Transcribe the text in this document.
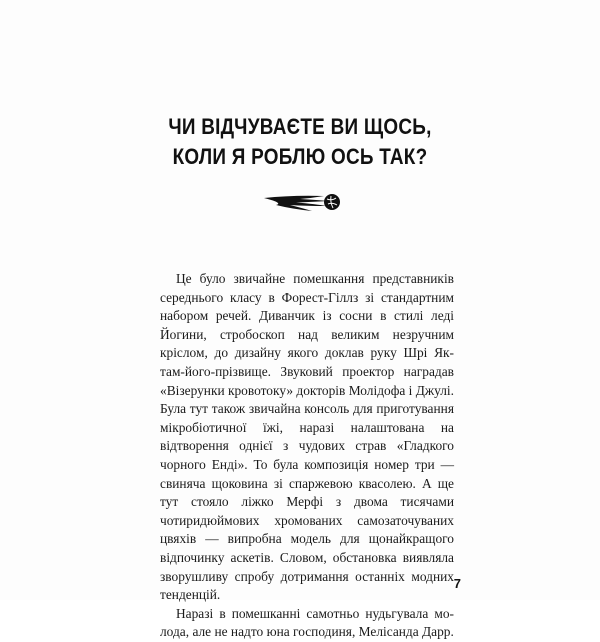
ЧИ ВІДЧУВАЄТЕ ВИ ЩОСЬ,
КОЛИ Я РОБЛЮ ОСЬ ТАК?

Це було звичайне помешкання представників середнього класу в Форест-Гіллз зі стандартним набором речей. Диванчик із сосни в стилі леді Йогини, стробоскоп над великим незручним кріслом, до дизайну якого доклав руку Шрі Як-там-його-прізвище. Звуковий проектор наградав «Візерунки кровотоку» докторів Молідофа і Джулі. Була тут також звичайна консоль для приготування мікробіотичної їжі, наразі налаштована на відтворення однієї з чудових страв «Гладкого чорного Енді». То була композиція номер три — свиняча щоковина зі спаржевою квасолею. А ще тут стояло ліжко Мерфі з двома тисячами чотиридюймових хромованих самозаточуваних цвяхів — випробна модель для щонайкращого відпочинку аскетів. Словом, обстановка виявляла зворушливу спробу дотримання останніх модних тенденцій.

Наразі в помешканні самотньо нудьгувала молода, але не надто юна господиня, Мелісанда Дарр.

7
